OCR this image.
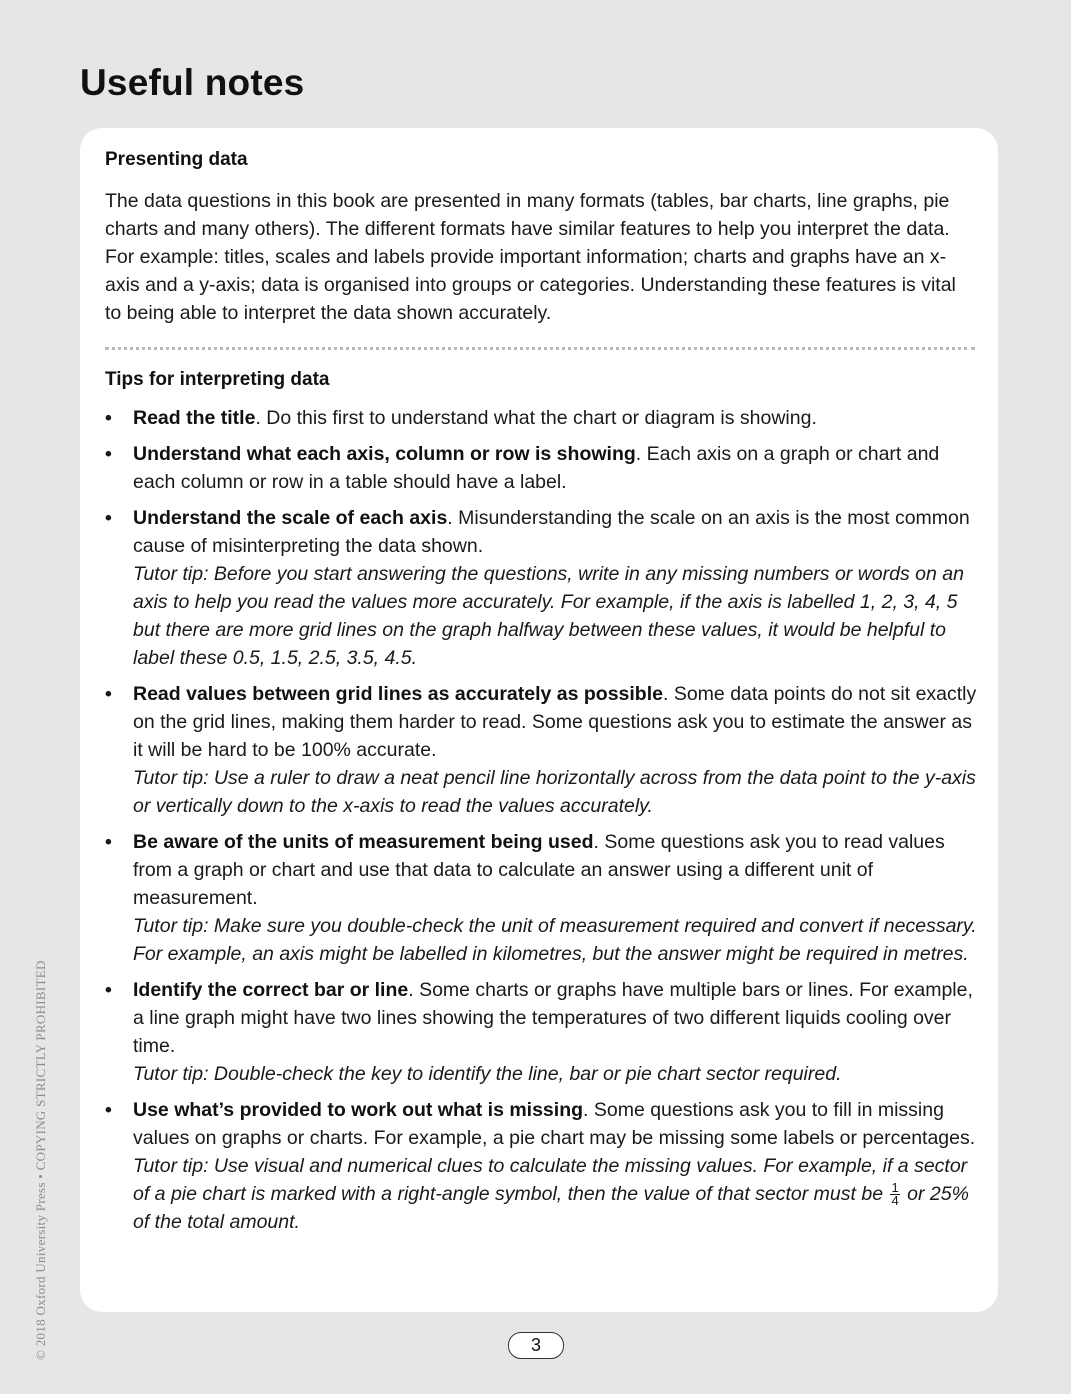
Useful notes
Presenting data

The data questions in this book are presented in many formats (tables, bar charts, line graphs, pie charts and many others). The different formats have similar features to help you interpret the data. For example: titles, scales and labels provide important information; charts and graphs have an x-axis and a y-axis; data is organised into groups or categories. Understanding these features is vital to being able to interpret the data shown accurately.

Tips for interpreting data
• Read the title. Do this first to understand what the chart or diagram is showing.
• Understand what each axis, column or row is showing. Each axis on a graph or chart and each column or row in a table should have a label.
• Understand the scale of each axis. Misunderstanding the scale on an axis is the most common cause of misinterpreting the data shown.
Tutor tip: Before you start answering the questions, write in any missing numbers or words on an axis to help you read the values more accurately. For example, if the axis is labelled 1, 2, 3, 4, 5 but there are more grid lines on the graph halfway between these values, it would be helpful to label these 0.5, 1.5, 2.5, 3.5, 4.5.
• Read values between grid lines as accurately as possible. Some data points do not sit exactly on the grid lines, making them harder to read. Some questions ask you to estimate the answer as it will be hard to be 100% accurate.
Tutor tip: Use a ruler to draw a neat pencil line horizontally across from the data point to the y-axis or vertically down to the x-axis to read the values accurately.
• Be aware of the units of measurement being used. Some questions ask you to read values from a graph or chart and use that data to calculate an answer using a different unit of measurement.
Tutor tip: Make sure you double-check the unit of measurement required and convert if necessary. For example, an axis might be labelled in kilometres, but the answer might be required in metres.
• Identify the correct bar or line. Some charts or graphs have multiple bars or lines. For example, a line graph might have two lines showing the temperatures of two different liquids cooling over time.
Tutor tip: Double-check the key to identify the line, bar or pie chart sector required.
• Use what’s provided to work out what is missing. Some questions ask you to fill in missing values on graphs or charts. For example, a pie chart may be missing some labels or percentages.
Tutor tip: Use visual and numerical clues to calculate the missing values. For example, if a sector of a pie chart is marked with a right-angle symbol, then the value of that sector must be $\frac{1}{4}$ or 25% of the total amount.
© 2018 Oxford University Press • COPYING STRICTLY PROHIBITED	3
